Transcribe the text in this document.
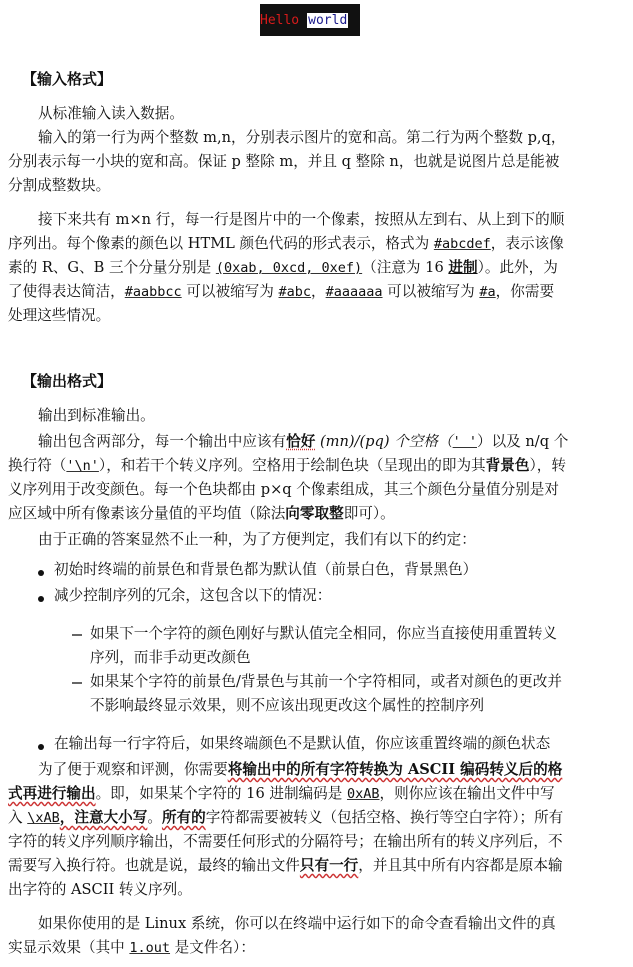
Hello world
【输入格式】
从标准输入读入数据。
输入的第一行为两个整数 m,n，分别表示图片的宽和高。第二行为两个整数 p,q，
分别表示每一小块的宽和高。保证 p 整除 m，并且 q 整除 n，也就是说图片总是能被
分割成整数块。
接下来共有 m×n 行，每一行是图片中的一个像素，按照从左到右、从上到下的顺
序列出。每个像素的颜色以 HTML 颜色代码的形式表示，格式为 #abcdef，表示该像
素的 R、G、B 三个分量分别是 (0xab, 0xcd, 0xef)（注意为 16 进制）。此外，为
了使得表达简洁，#aabbcc 可以被缩写为 #abc，#aaaaaa 可以被缩写为 #a，你需要
处理这些情况。
【输出格式】
输出到标准输出。
输出包含两部分，每一个输出中应该有恰好 (mn)/(pq) 个空格（' '）以及 n/q 个
换行符（'\n'），和若干个转义序列。空格用于绘制色块（呈现出的即为其背景色），转
义序列用于改变颜色。每一个色块都由 p×q 个像素组成，其三个颜色分量值分别是对
应区域中所有像素该分量值的平均值（除法向零取整即可）。
由于正确的答案显然不止一种，为了方便判定，我们有以下的约定：
初始时终端的前景色和背景色都为默认值（前景白色，背景黑色）
减少控制序列的冗余，这包含以下的情况：
如果下一个字符的颜色刚好与默认值完全相同，你应当直接使用重置转义
序列，而非手动更改颜色
如果某个字符的前景色/背景色与其前一个字符相同，或者对颜色的更改并
不影响最终显示效果，则不应该出现更改这个属性的控制序列
在输出每一行字符后，如果终端颜色不是默认值，你应该重置终端的颜色状态
为了便于观察和评测，你需要将输出中的所有字符转换为 ASCII 编码转义后的格
式再进行输出。即，如果某个字符的 16 进制编码是 0xAB，则你应该在输出文件中写
入 \xAB，注意大小写。所有的字符都需要被转义（包括空格、换行等空白字符）；所有
字符的转义序列顺序输出，不需要任何形式的分隔符号；在输出所有的转义序列后，不
需要写入换行符。也就是说，最终的输出文件只有一行，并且其中所有内容都是原本输
出字符的 ASCII 转义序列。
如果你使用的是 Linux 系统，你可以在终端中运行如下的命令查看输出文件的真
实显示效果（其中 1.out 是文件名）：
